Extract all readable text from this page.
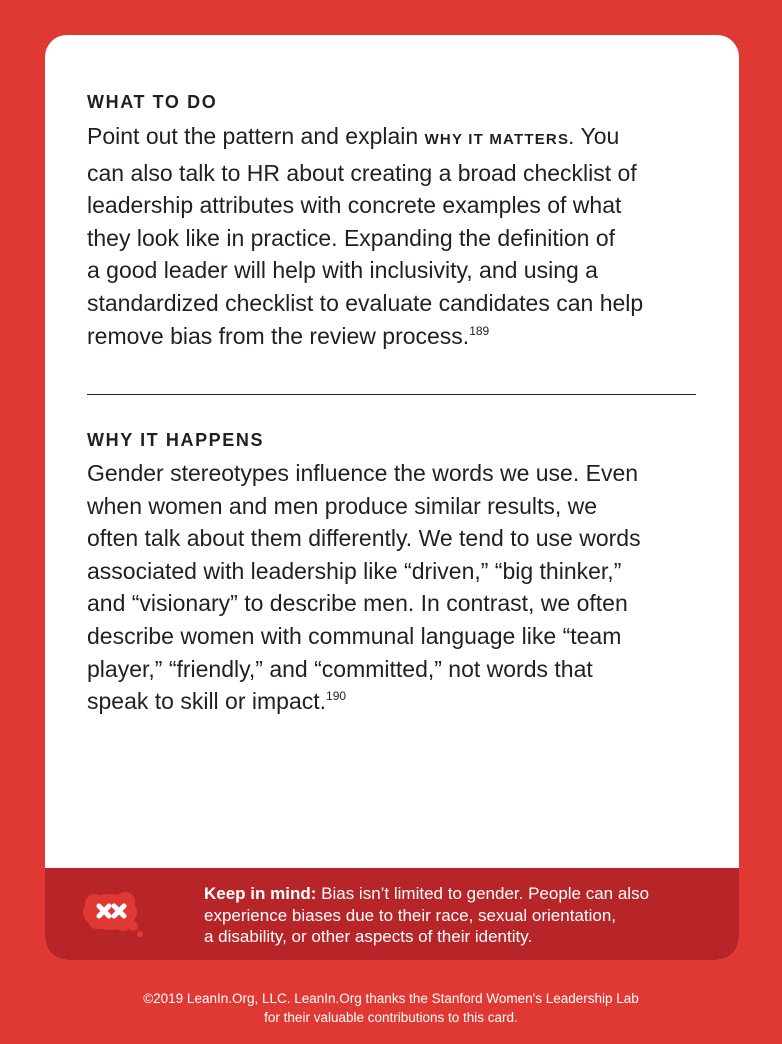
WHAT TO DO
Point out the pattern and explain WHY IT MATTERS. You
can also talk to HR about creating a broad checklist of
leadership attributes with concrete examples of what
they look like in practice. Expanding the definition of
a good leader will help with inclusivity, and using a
standardized checklist to evaluate candidates can help
remove bias from the review process.$^{189}$
WHY IT HAPPENS
Gender stereotypes influence the words we use. Even
when women and men produce similar results, we
often talk about them differently. We tend to use words
associated with leadership like “driven,” “big thinker,”
and “visionary” to describe men. In contrast, we often
describe women with communal language like “team
player,” “friendly,” and “committed,” not words that
speak to skill or impact.$^{190}$
Keep in mind: Bias isn’t limited to gender. People can also
experience biases due to their race, sexual orientation,
a disability, or other aspects of their identity.
©2019 LeanIn.Org, LLC. LeanIn.Org thanks the Stanford Women's Leadership Lab
for their valuable contributions to this card.
